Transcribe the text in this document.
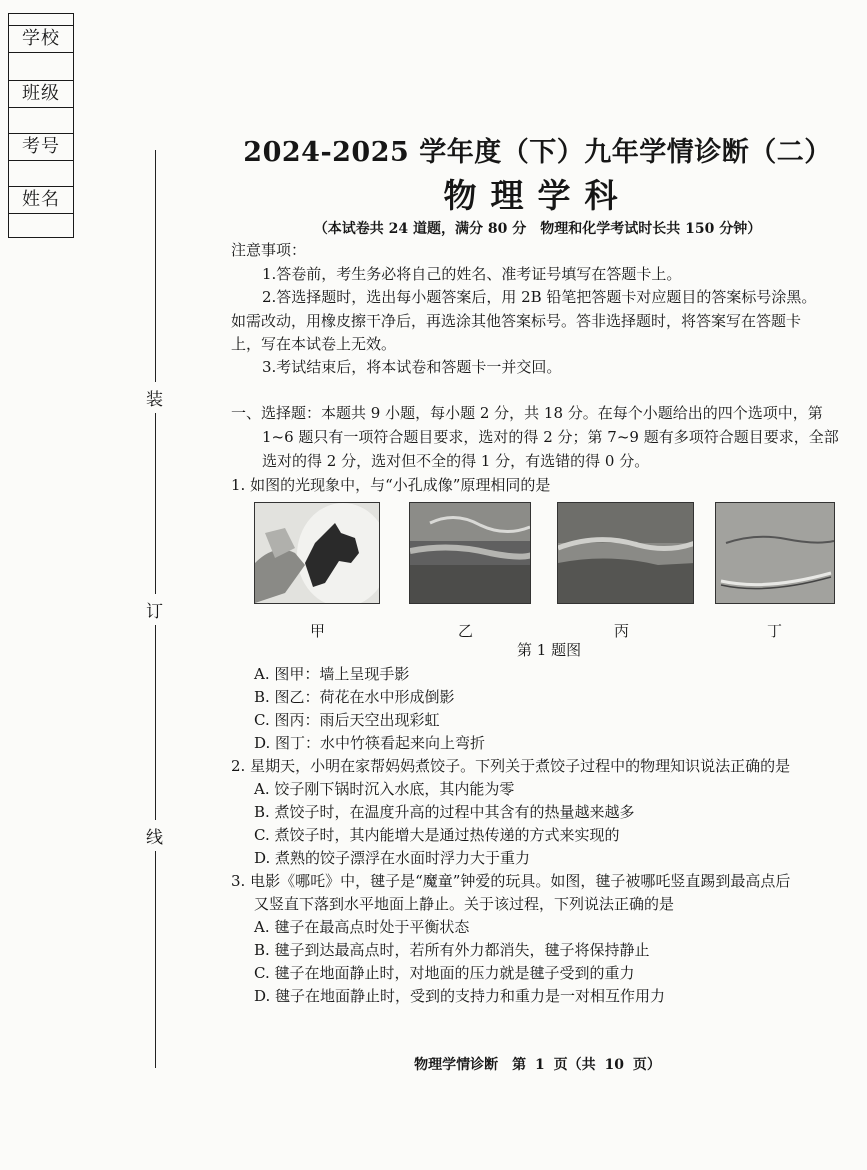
学校
班级
考号
姓名
装
订
线
2024-2025 学年度（下）九年学情诊断（二）
物理学科
（本试卷共 24 道题，满分 80 分　物理和化学考试时长共 150 分钟）
注意事项：
1.答卷前，考生务必将自己的姓名、准考证号填写在答题卡上。
2.答选择题时，选出每小题答案后，用 2B 铅笔把答题卡对应题目的答案标号涂黑。
如需改动，用橡皮擦干净后，再选涂其他答案标号。答非选择题时，将答案写在答题卡
上，写在本试卷上无效。
3.考试结束后，将本试卷和答题卡一并交回。
一、选择题：本题共 9 小题，每小题 2 分，共 18 分。在每个小题给出的四个选项中，第
1~6 题只有一项符合题目要求，选对的得 2 分；第 7~9 题有多项符合题目要求，全部
选对的得 2 分，选对但不全的得 1 分，有选错的得 0 分。
1. 如图的光现象中，与“小孔成像”原理相同的是
甲	乙	丙	丁
第 1 题图
A. 图甲：墙上呈现手影
B. 图乙：荷花在水中形成倒影
C. 图丙：雨后天空出现彩虹
D. 图丁：水中竹筷看起来向上弯折
2. 星期天，小明在家帮妈妈煮饺子。下列关于煮饺子过程中的物理知识说法正确的是
A. 饺子刚下锅时沉入水底，其内能为零
B. 煮饺子时，在温度升高的过程中其含有的热量越来越多
C. 煮饺子时，其内能增大是通过热传递的方式来实现的
D. 煮熟的饺子漂浮在水面时浮力大于重力
3. 电影《哪吒》中，毽子是“魔童”钟爱的玩具。如图，毽子被哪吒竖直踢到最高点后
又竖直下落到水平地面上静止。关于该过程，下列说法正确的是
A. 毽子在最高点时处于平衡状态
B. 毽子到达最高点时，若所有外力都消失，毽子将保持静止
C. 毽子在地面静止时，对地面的压力就是毽子受到的重力
D. 毽子在地面静止时，受到的支持力和重力是一对相互作用力
物理学情诊断　第 1 页（共 10 页）
